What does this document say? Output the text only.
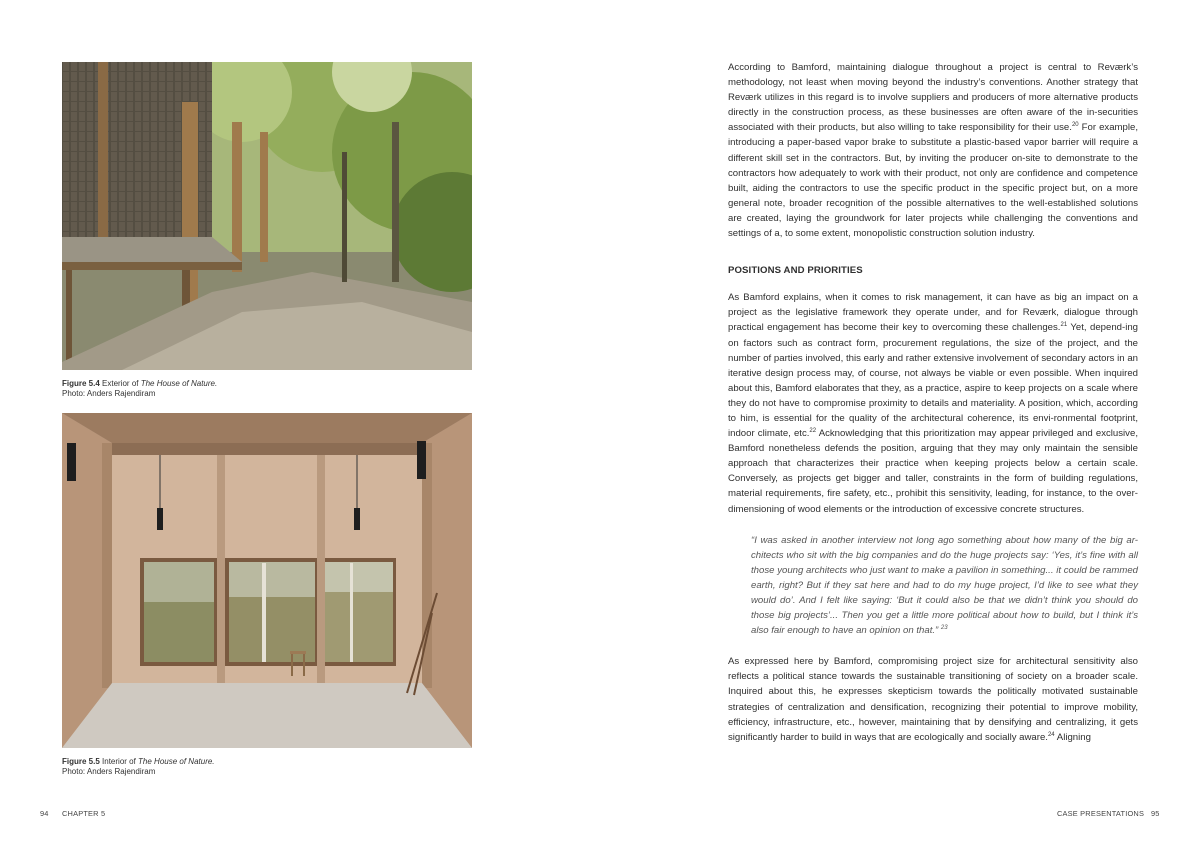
Figure 5.4 Exterior of The House of Nature.
Photo: Anders Rajendiram
Figure 5.5 Interior of The House of Nature.
Photo: Anders Rajendiram

According to Bamford, maintaining dialogue throughout a project is central to Reværk’s methodology, not least when moving beyond the industry’s conventions. Another strategy that Reværk utilizes in this regard is to involve suppliers and producers of more alternative products directly in the construction process, as these businesses are often aware of the in-securities associated with their products, but also willing to take responsibility for their use.$^{20}$ For example, introducing a paper-based vapor brake to substitute a plastic-based vapor barrier will require a different skill set in the contractors. But, by inviting the producer on-site to demonstrate to the contractors how adequately to work with their product, not only are confidence and competence built, aiding the contractors to use the specific product in the specific project but, on a more general note, broader recognition of the possible alternatives to the well-established solutions are created, laying the groundwork for later projects while challenging the conventions and settings of a, to some extent, monopolistic construction solution industry.

POSITIONS AND PRIORITIES

As Bamford explains, when it comes to risk management, it can have as big an impact on a project as the legislative framework they operate under, and for Reværk, dialogue through practical engagement has become their key to overcoming these challenges.$^{21}$ Yet, depend-ing on factors such as contract form, procurement regulations, the size of the project, and the number of parties involved, this early and rather extensive involvement of secondary actors in an iterative design process may, of course, not always be viable or even possible. When inquired about this, Bamford elaborates that they, as a practice, aspire to keep projects on a scale where they do not have to compromise proximity to details and materiality. A position, which, according to him, is essential for the quality of the architectural coherence, its envi-ronmental footprint, indoor climate, etc.$^{22}$ Acknowledging that this prioritization may appear privileged and exclusive, Bamford nonetheless defends the position, arguing that they may only maintain the sensible approach that characterizes their practice when keeping projects below a certain scale. Conversely, as projects get bigger and taller, constraints in the form of building regulations, material requirements, fire safety, etc., prohibit this sensitivity, leading, for instance, to the over-dimensioning of wood elements or the introduction of excessive concrete structures.

“I was asked in another interview not long ago something about how many of the big ar-chitects who sit with the big companies and do the huge projects say: ‘Yes, it’s fine with all those young architects who just want to make a pavilion in something... it could be rammed earth, right? But if they sat here and had to do my huge project, I’d like to see what they would do’. And I felt like saying: ‘But it could also be that we didn’t think you should do those big projects’... Then you get a little more political about how to build, but I think it’s also fair enough to have an opinion on that.” $^{23}$

As expressed here by Bamford, compromising project size for architectural sensitivity also reflects a political stance towards the sustainable transitioning of society on a broader scale. Inquired about this, he expresses skepticism towards the politically motivated sustainable strategies of centralization and densification, recognizing their potential to improve mobility, efficiency, infrastructure, etc., however, maintaining that by densifying and centralizing, it gets significantly harder to build in ways that are ecologically and socially aware.$^{24}$ Aligning

94 CHAPTER 5	CASE PRESENTATIONS 95
